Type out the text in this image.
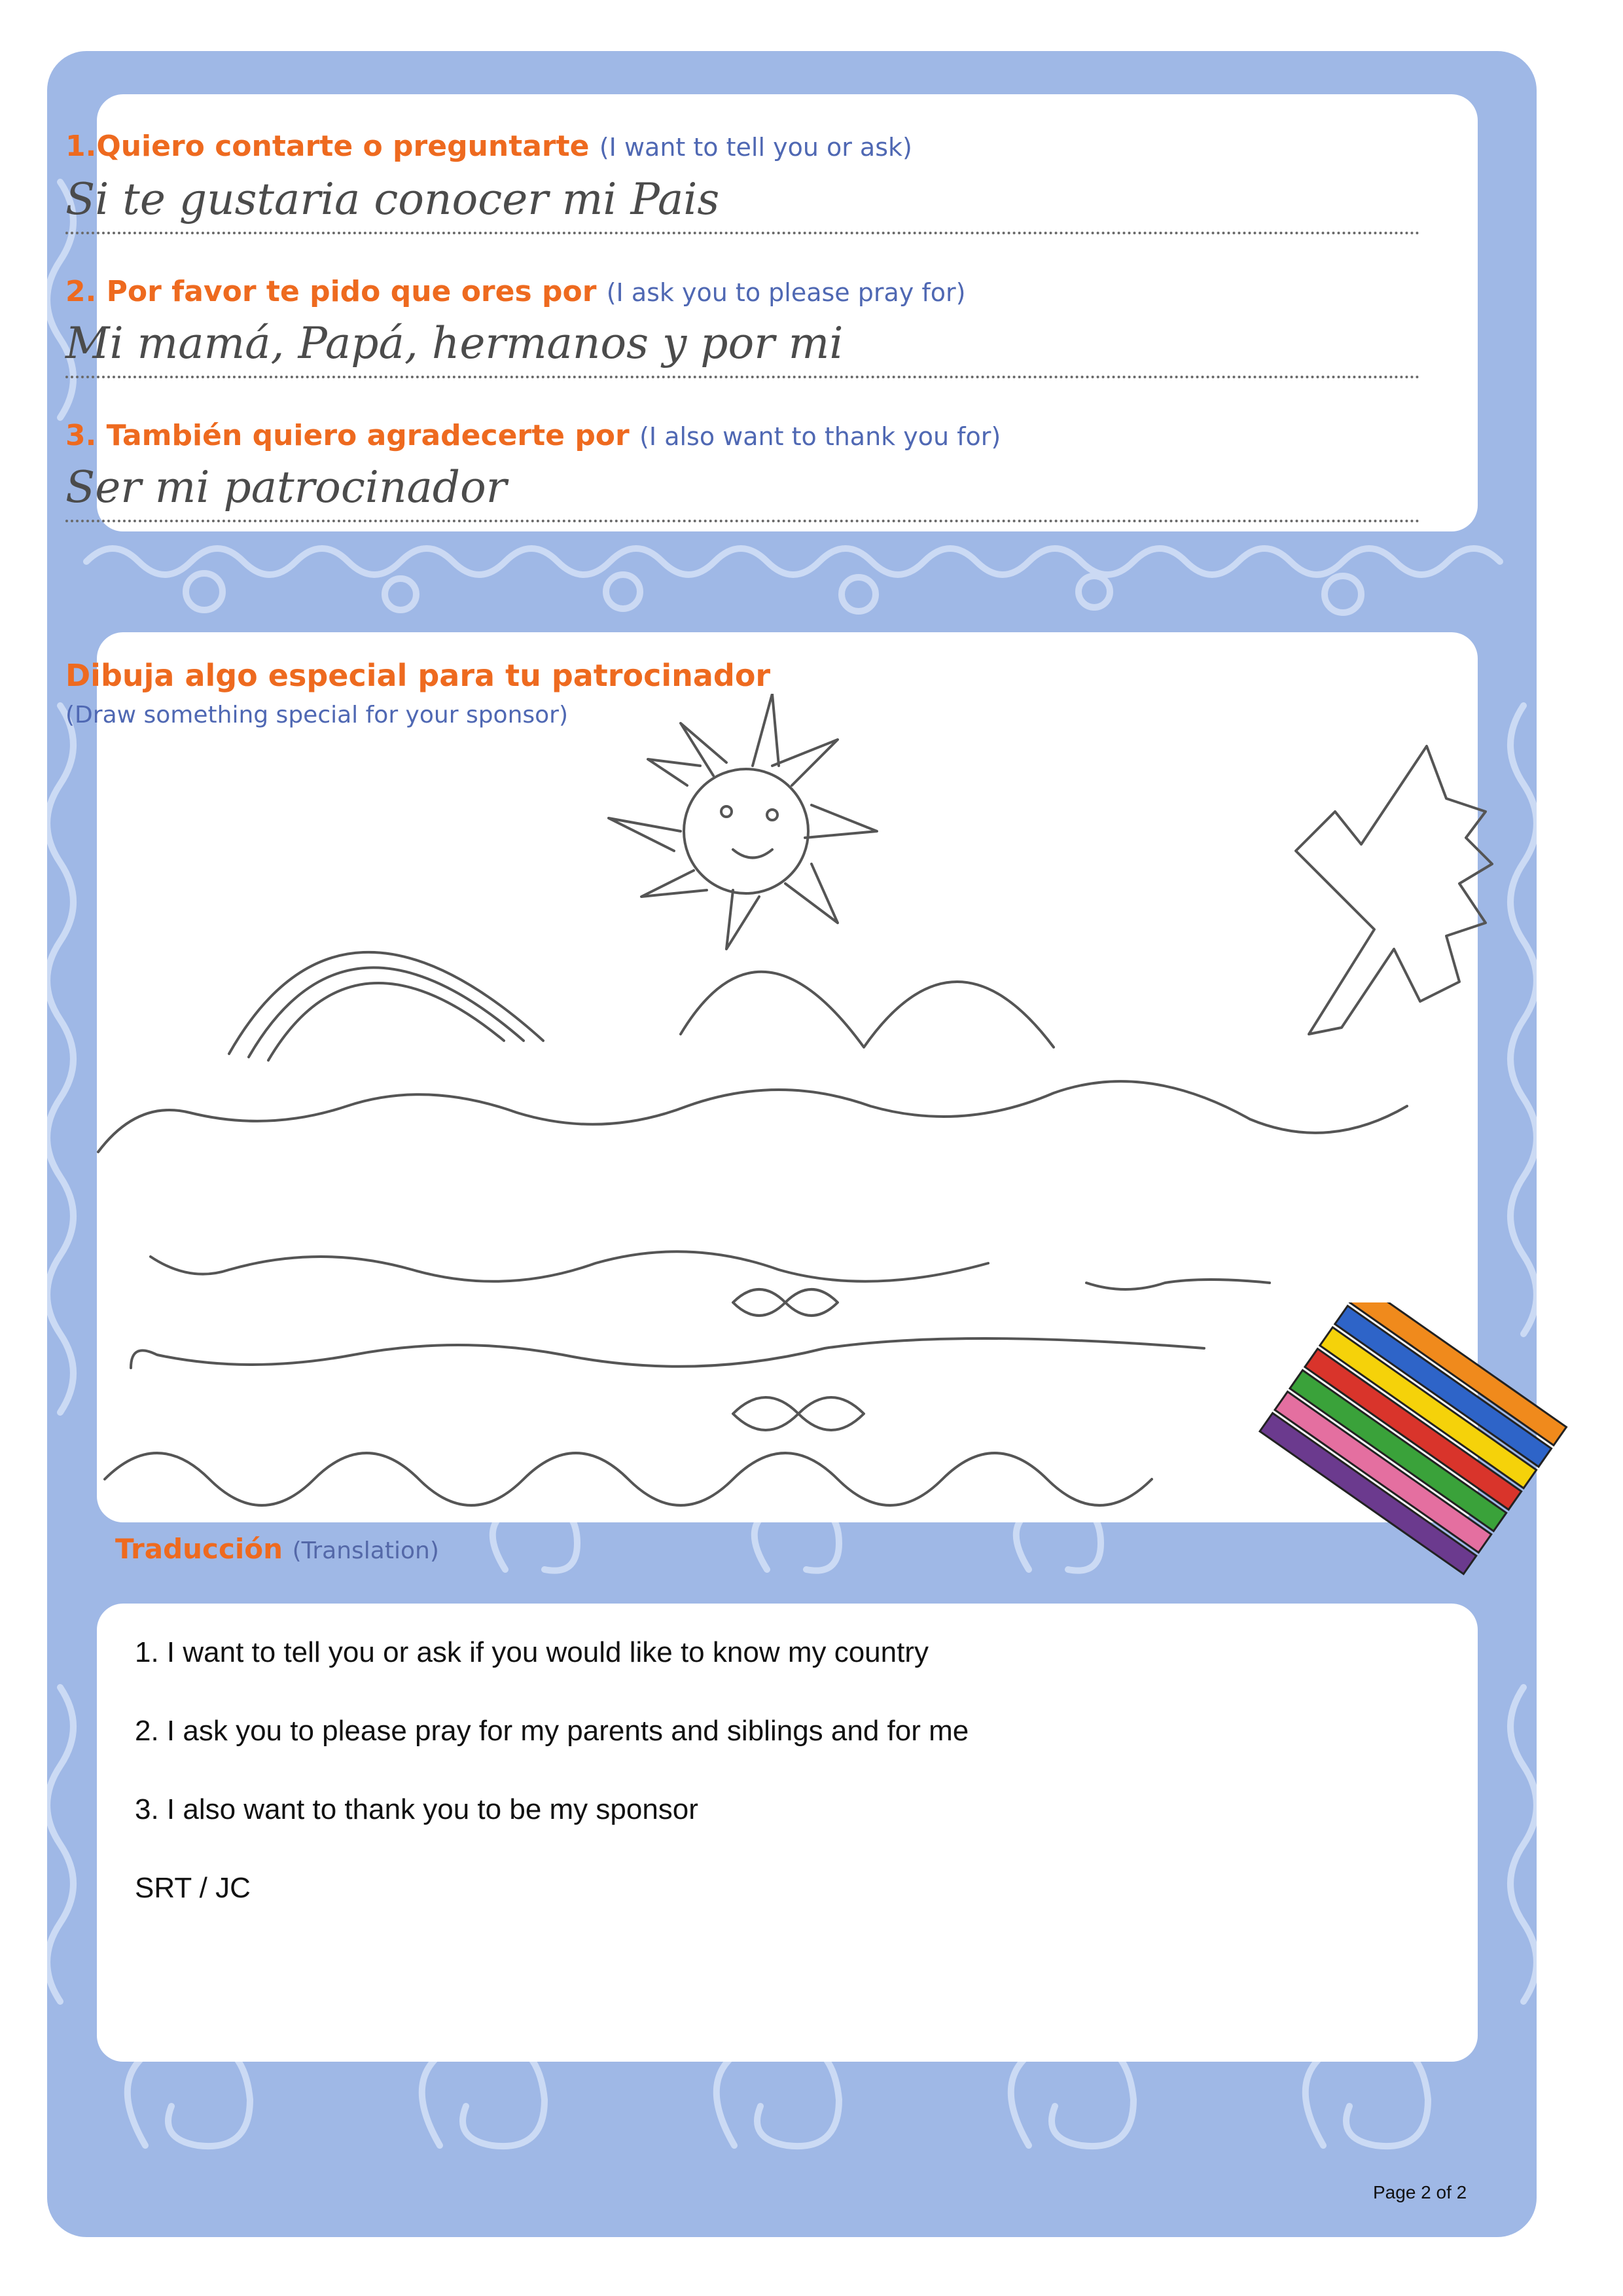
1.Quiero contarte o preguntarte (I want to tell you or ask)
Si te gustaria conocer mi Pais
2. Por favor te pido que ores por (I ask you to please pray for)
Mi mamá, Papá, hermanos y por mi
3. También quiero agradecerte por (I also want to thank you for)
Ser mi patrocinador
Dibuja algo especial para tu patrocinador
(Draw something special for your sponsor)
Traducción (Translation)
1. I want to tell you or ask if you would like to know my country
2. I ask you to please pray for my parents and siblings and for me
3. I also want to thank you to be my sponsor
SRT / JC
Page 2 of 2
